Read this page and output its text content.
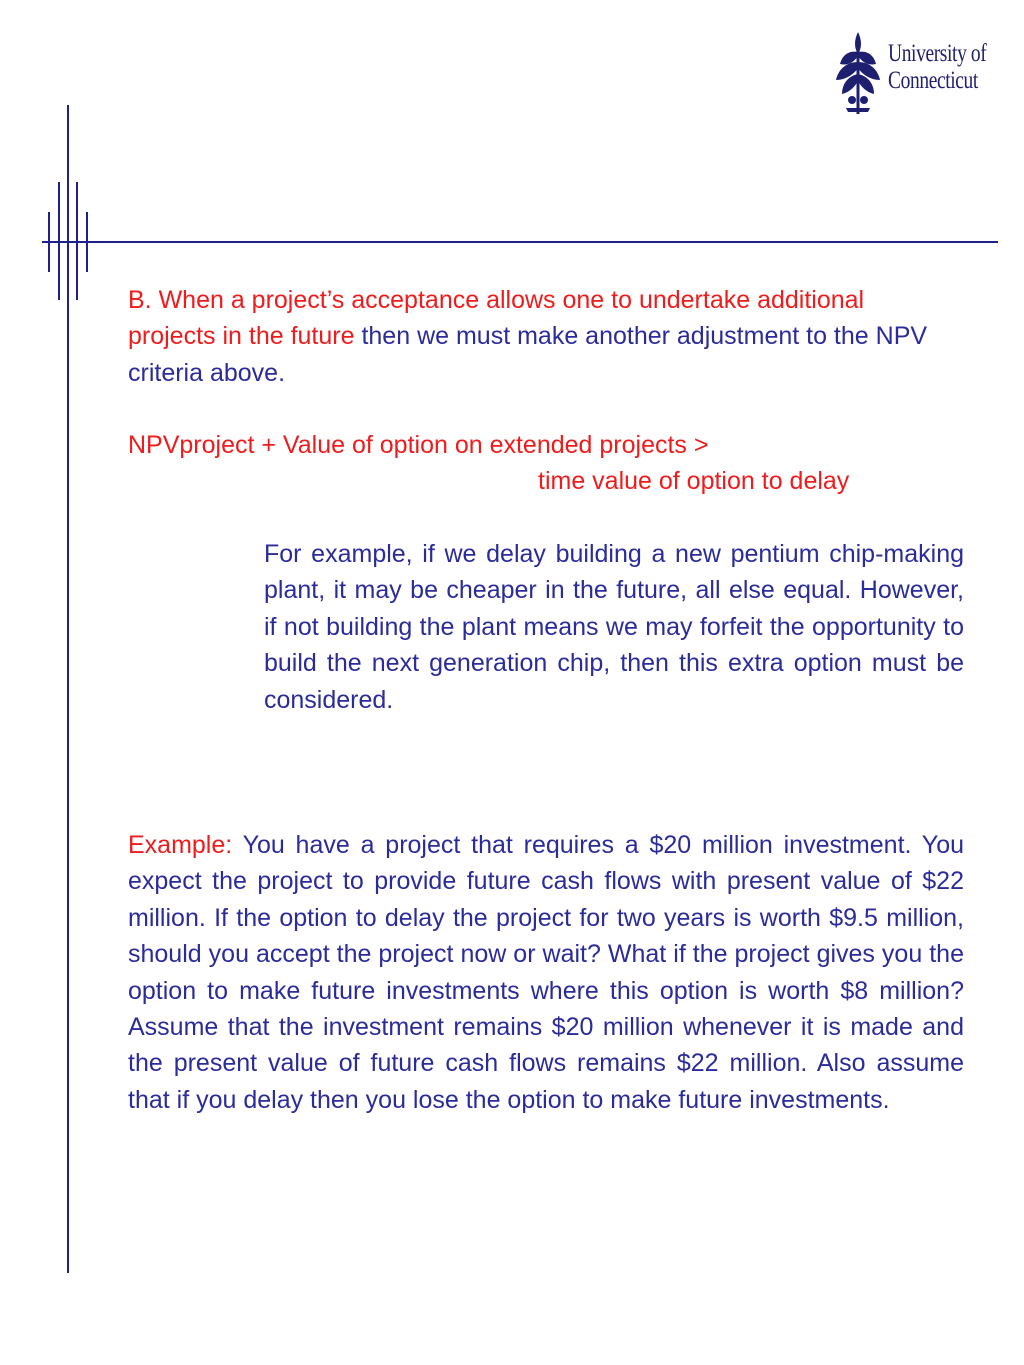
University of
Connecticut

B. When a project’s acceptance allows one to undertake additional projects in the future then we must make another adjustment to the NPV criteria above.

NPVproject + Value of option on extended projects >

time value of option to delay

For example, if we delay building a new pentium chip-making plant, it may be cheaper in the future, all else equal. However, if not building the plant means we may forfeit the opportunity to build the next generation chip, then this extra option must be considered.

Example: You have a project that requires a $20 million investment. You expect the project to provide future cash flows with present value of $22 million. If the option to delay the project for two years is worth $9.5 million, should you accept the project now or wait? What if the project gives you the option to make future investments where this option is worth $8 million? Assume that the investment remains $20 million whenever it is made and the present value of future cash flows remains $22 million. Also assume that if you delay then you lose the option to make future investments.
